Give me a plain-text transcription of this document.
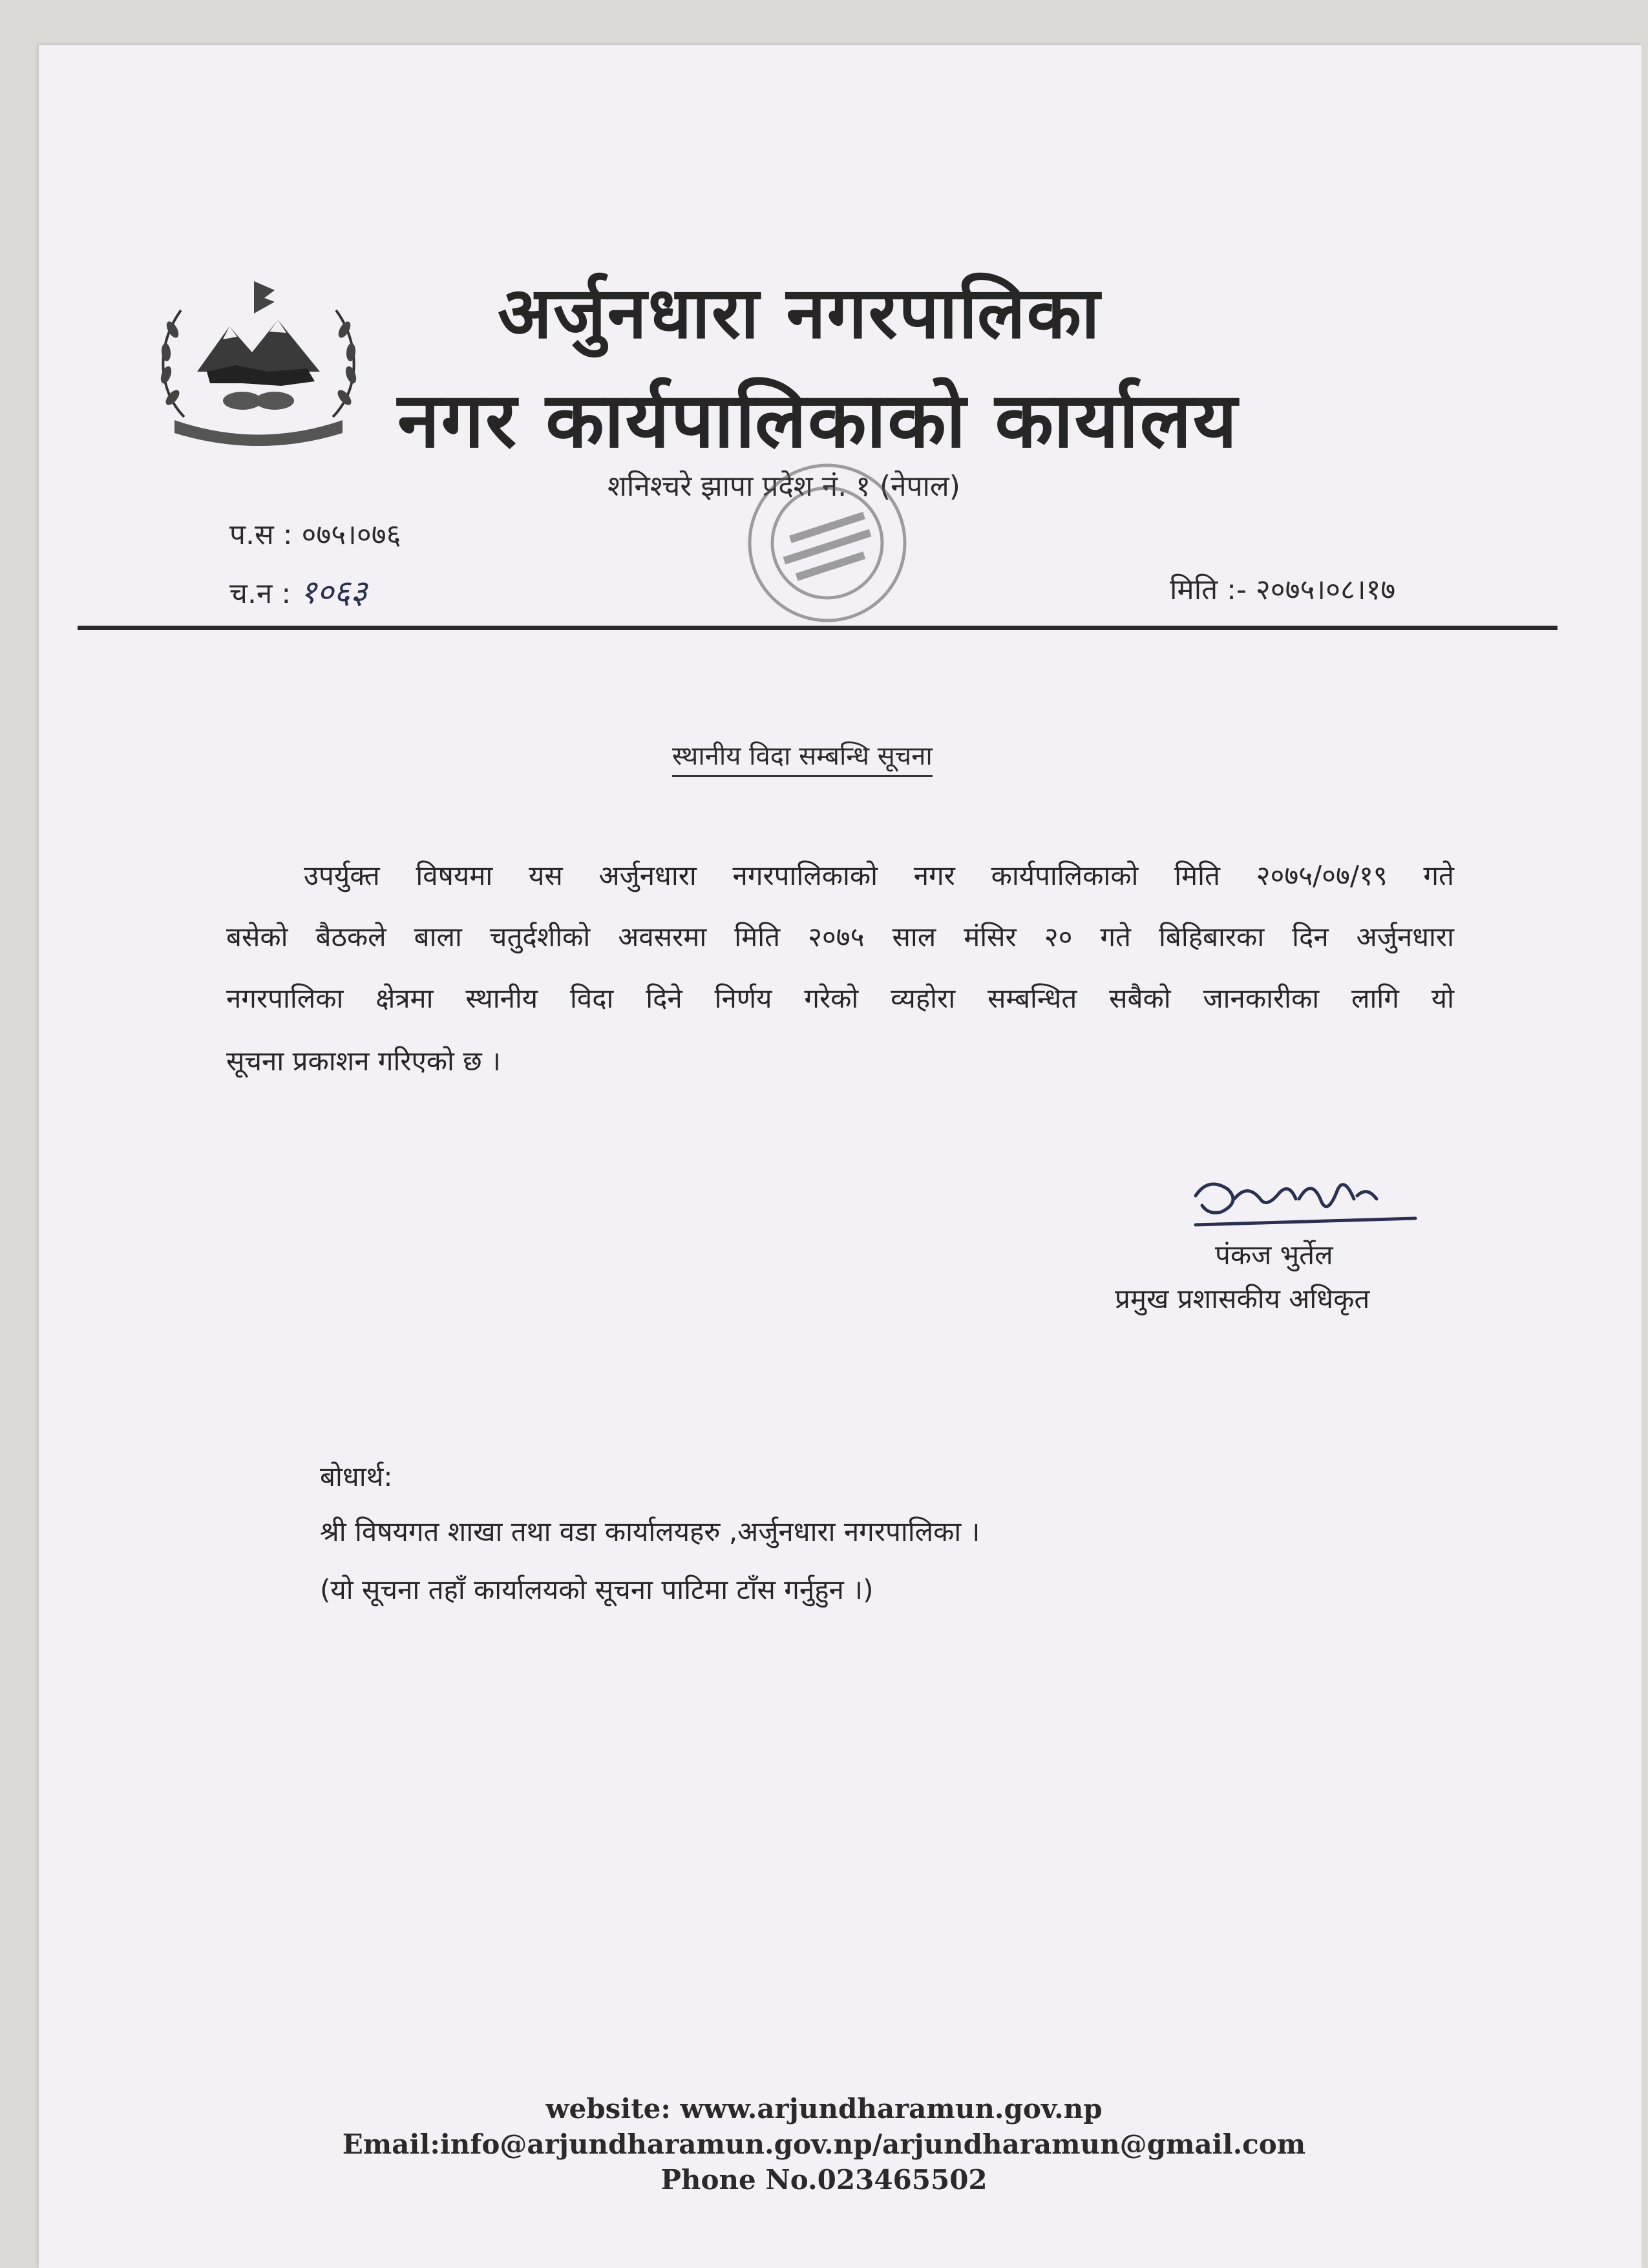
अर्जुनधारा नगरपालिका
नगर कार्यपालिकाको कार्यालय
शनिश्चरे झापा प्रदेश नं. १ (नेपाल)
प.स : ०७५।०७६
च.न : १०६३	मिति :- २०७५।०८।१७
स्थानीय विदा सम्बन्धि सूचना
उपर्युक्त विषयमा यस अर्जुनधारा नगरपालिकाको नगर कार्यपालिकाको मिति २०७५/०७/१९ गते
बसेको बैठकले बाला चतुर्दशीको अवसरमा मिति २०७५ साल मंसिर २० गते बिहिबारका दिन अर्जुनधारा
नगरपालिका क्षेत्रमा स्थानीय विदा दिने निर्णय गरेको व्यहोरा सम्बन्धित सबैको जानकारीका लागि यो
सूचना प्रकाशन गरिएको छ ।
पंकज भुर्तेल
प्रमुख प्रशासकीय अधिकृत
बोधार्थ:
श्री विषयगत शाखा तथा वडा कार्यालयहरु ,अर्जुनधारा नगरपालिका ।
(यो सूचना तहाँ कार्यालयको सूचना पाटिमा टाँस गर्नुहुन ।)
website: www.arjundharamun.gov.np
Email:info@arjundharamun.gov.np/arjundharamun@gmail.com
Phone No.023465502
